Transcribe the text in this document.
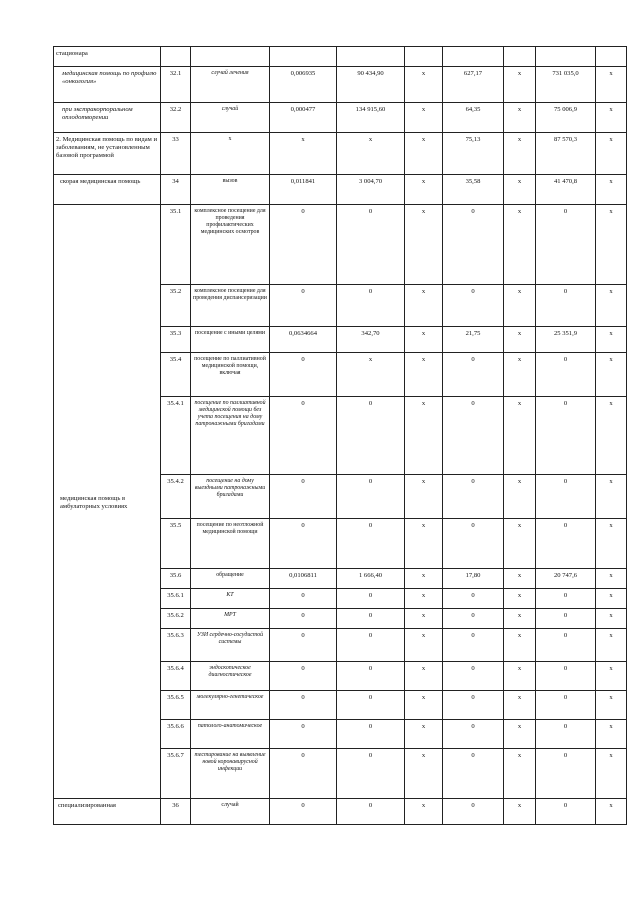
стационара									
медицинская помощь по профилю «онкология»	32.1	случай лечения	0,006935	90 434,90	х	627,17	х	731 035,0	х
при экстракорпоральном оплодотворении	32.2	случай	0,000477	134 915,60	х	64,35	х	75 006,9	х
2. Медицинская помощь по видам и заболеваниям, не установленным базовой программой	33	х	х	х	х	75,13	х	87 570,3	х
скорая медицинская помощь	34	вызов	0,011841	3 004,70	х	35,58	х	41 470,8	х
медицинская помощь в амбулаторных условиях	35.1	комплексное посещение для проведения профилактических медицинских осмотров	0	0	х	0	х	0	х
	35.2	комплексное посещение для проведения диспансеризации	0	0	х	0	х	0	х
	35.3	посещение с иными целями	0,0634664	342,70	х	21,75	х	25 351,9	х
	35.4	посещение по паллиативной медицинской помощи, включая	0	х	х	0	х	0	х
	35.4.1	посещение по паллиативной медицинской помощи без учета посещения на дому патронажными бригадами	0	0	х	0	х	0	х
	35.4.2	посещение на дому выездными патронажными бригадами	0	0	х	0	х	0	х
	35.5	посещение по неотложной медицинской помощи	0	0	х	0	х	0	х
	35.6	обращение	0,0106811	1 666,40	х	17,80	х	20 747,6	х
	35.6.1	КТ	0	0	х	0	х	0	х
	35.6.2	МРТ	0	0	х	0	х	0	х
	35.6.3	УЗИ сердечно-сосудистой системы	0	0	х	0	х	0	х
	35.6.4	эндоскопическое диагностическое	0	0	х	0	х	0	х
	35.6.5	молекулярно-генетическое	0	0	х	0	х	0	х
	35.6.6	патолого-анатомическое	0	0	х	0	х	0	х
	35.6.7	тестирование на выявление новой коронавирусной инфекции	0	0	х	0	х	0	х
специализированная	36	случай	0	0	х	0	х	0	х
